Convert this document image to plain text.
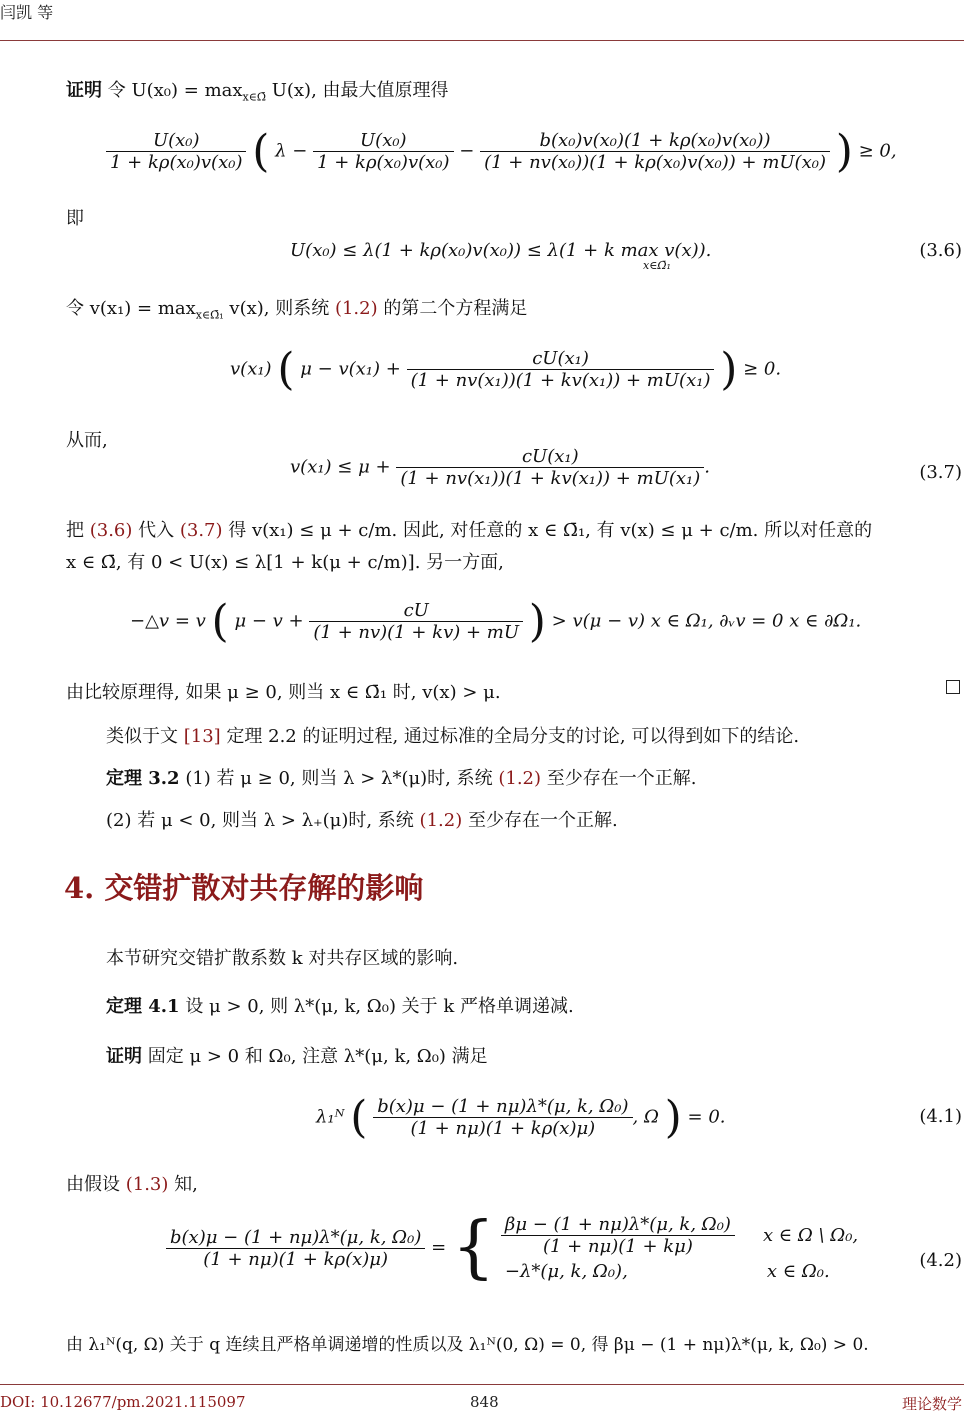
闫凯 等
证明 令 $U(x_0) = \max_{x\in\Omegā} U(x)$, 由最大值原理得
$\frac{\text{U(x₀)}}{\text{1 + kρ(x₀)v(x₀)}}$ ( $\lambda - \frac{\text{U(x₀)}}{\text{1 + kρ(x₀)v(x₀)}} - \frac{\text{b(x₀)v(x₀)(1 + kρ(x₀)v(x₀))}}{\text{(1 + nv(x₀))(1 + kρ(x₀)v(x₀)) + mU(x₀)}}$ ) ≥ 0,
即
U(x₀) ≤ λ(1 + kρ(x₀)v(x₀)) ≤ λ(1 + k max v(x)).
x∈Ω̄₁
(3.6)
令 $v(x_1) = \max_{x\in\Omegā_1} v(x)$, 则系统 (1.2) 的第二个方程满足
v(x₁) ( $\mu - v(x_1) + \frac{\text{cU(x₁)}}{\text{(1 + nv(x₁))(1 + kv(x₁)) + mU(x₁)}}$ ) ≥ 0.
从而,
$v(x_1) \le \mu + \frac{\text{cU(x₁)}}{\text{(1 + nv(x₁))(1 + kv(x₁)) + mU(x₁)}}$ .	(3.7)
把 (3.6) 代入 (3.7) 得 v(x₁) ≤ μ + c/m. 因此, 对任意的 x ∈ Ω̄₁, 有 v(x) ≤ μ + c/m. 所以对任意的
x ∈ Ω̄, 有 0 < U(x) ≤ λ[1 + k(μ + c/m)]. 另一方面,
−△v = v ( $\mu - v + \frac{cU}{(1 + nv)(1 + kv) + mU}$ ) > v(μ − v) x ∈ Ω₁, ∂ᵥv = 0 x ∈ ∂Ω₁.
由比较原理得, 如果 μ ≥ 0, 则当 x ∈ Ω̄₁ 时, v(x) > μ.
类似于文 [13] 定理 2.2 的证明过程, 通过标准的全局分支的讨论, 可以得到如下的结论.
定理 3.2 (1) 若 μ ≥ 0, 则当 λ > λ*(μ)时, 系统 (1.2) 至少存在一个正解.
(2) 若 μ < 0, 则当 λ > λ₊(μ)时, 系统 (1.2) 至少存在一个正解.
4. 交错扩散对共存解的影响
本节研究交错扩散系数 k 对共存区域的影响.
定理 4.1 设 μ > 0, 则 λ*(μ, k, Ω₀) 关于 k 严格单调递减.
证明 固定 μ > 0 和 Ω₀, 注意 λ*(μ, k, Ω₀) 满足
λ₁ᴺ ( $\frac{\text{b(x)μ − (1 + nμ)λ*(μ, k, Ω₀)}}{(1 + n\mu)(1 + k\rho(x)\mu)}$ , Ω ) = 0.	(4.1)
由假设 (1.3) 知,
$\frac{\text{b(x)μ − (1 + nμ)λ*(μ, k, Ω₀)}}{(1 + n\mu)(1 + k\rho(x)\mu)}$ = { $\frac{\text{βμ − (1 + nμ)λ*(μ, k, Ω₀)}}{(1 + n\mu)(1 + k\mu)}$ x ∈ Ω \ Ω₀,
−λ*(μ, k, Ω₀),	x ∈ Ω₀.
(4.2)
由 λ₁ᴺ(q, Ω) 关于 q 连续且严格单调递增的性质以及 λ₁ᴺ(0, Ω) = 0, 得 βμ − (1 + nμ)λ*(μ, k, Ω₀) > 0.
DOI: 10.12677/pm.2021.115097	848	理论数学
